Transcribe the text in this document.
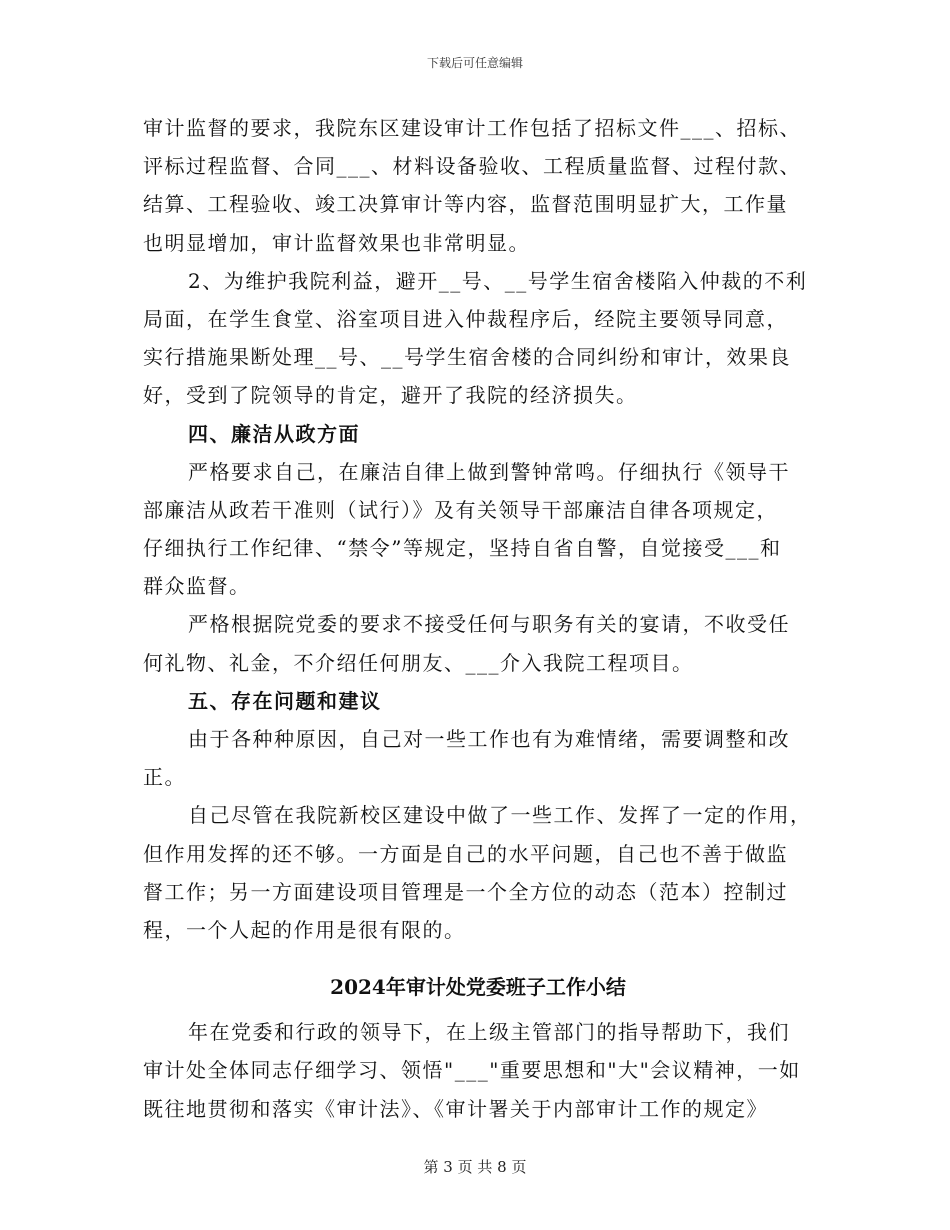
下载后可任意编辑
审计监督的要求，我院东区建设审计工作包括了招标文件___、招标、
评标过程监督、合同___、材料设备验收、工程质量监督、过程付款、
结算、工程验收、竣工决算审计等内容，监督范围明显扩大，工作量
也明显增加，审计监督效果也非常明显。
2、为维护我院利益，避开__号、__号学生宿舍楼陷入仲裁的不利
局面，在学生食堂、浴室项目进入仲裁程序后，经院主要领导同意，
实行措施果断处理__号、__号学生宿舍楼的合同纠纷和审计，效果良
好，受到了院领导的肯定，避开了我院的经济损失。
四、廉洁从政方面
严格要求自己，在廉洁自律上做到警钟常鸣。仔细执行《领导干
部廉洁从政若干准则（试行）》及有关领导干部廉洁自律各项规定，
仔细执行工作纪律、“禁令”等规定，坚持自省自警，自觉接受___和
群众监督。
严格根据院党委的要求不接受任何与职务有关的宴请，不收受任
何礼物、礼金，不介绍任何朋友、___介入我院工程项目。
五、存在问题和建议
由于各种种原因，自己对一些工作也有为难情绪，需要调整和改
正。
自己尽管在我院新校区建设中做了一些工作、发挥了一定的作用，
但作用发挥的还不够。一方面是自己的水平问题，自己也不善于做监
督工作；另一方面建设项目管理是一个全方位的动态（范本）控制过
程，一个人起的作用是很有限的。
2024年审计处党委班子工作小结
年在党委和行政的领导下，在上级主管部门的指导帮助下，我们
审计处全体同志仔细学习、领悟"___"重要思想和"大"会议精神，一如
既往地贯彻和落实《审计法》、《审计署关于内部审计工作的规定》
第 3 页 共 8 页
